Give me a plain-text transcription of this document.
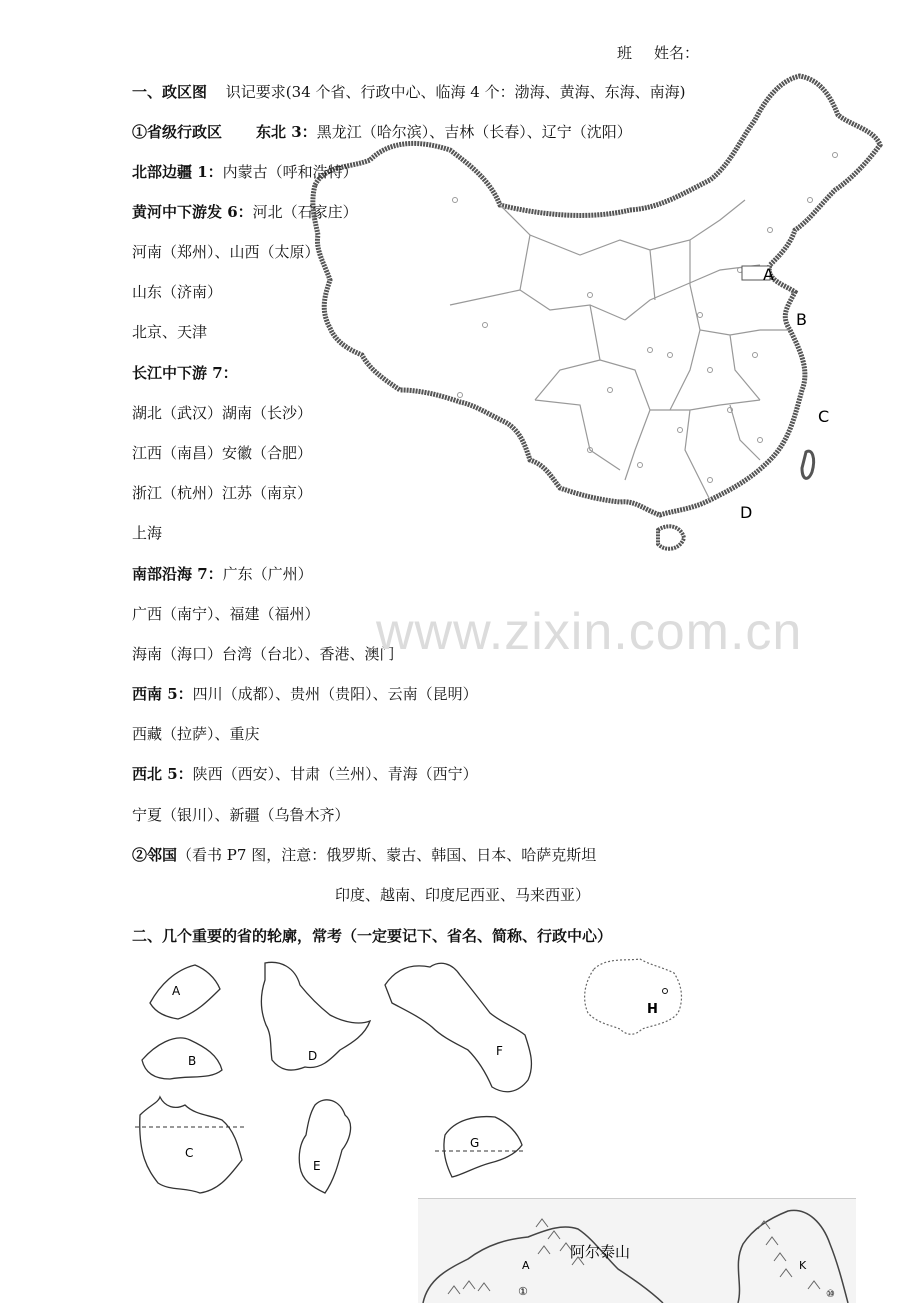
班 姓名：
A
B
C
D
一、政区图 识记要求(34 个省、行政中心、临海 4 个：渤海、黄海、东海、南海)
①省级行政区 东北 3：黑龙江（哈尔滨）、吉林（长春）、辽宁（沈阳）
北部边疆 1：内蒙古（呼和浩特）
黄河中下游发 6：河北（石家庄）
河南（郑州）、山西（太原）
山东（济南）
北京、天津
长江中下游 7：
湖北（武汉）湖南（长沙）
江西（南昌）安徽（合肥）
浙江（杭州）江苏（南京）
上海
南部沿海 7：广东（广州）
广西（南宁）、福建（福州）
海南（海口）台湾（台北）、香港、澳门
西南 5：四川（成都）、贵州（贵阳）、云南（昆明）
西藏（拉萨）、重庆
西北 5：陕西（西安）、甘肃（兰州）、青海（西宁）
宁夏（银川）、新疆（乌鲁木齐）
②邻国（看书 P7 图，注意：俄罗斯、蒙古、韩国、日本、哈萨克斯坦
印度、越南、印度尼西亚、马来西亚）
二、几个重要的省的轮廓，常考（一定要记下、省名、简称、行政中心）
A
B
C
D
E
F
G
H
阿尔泰山
A	K
①	⑩
www.zixin.com.cn
